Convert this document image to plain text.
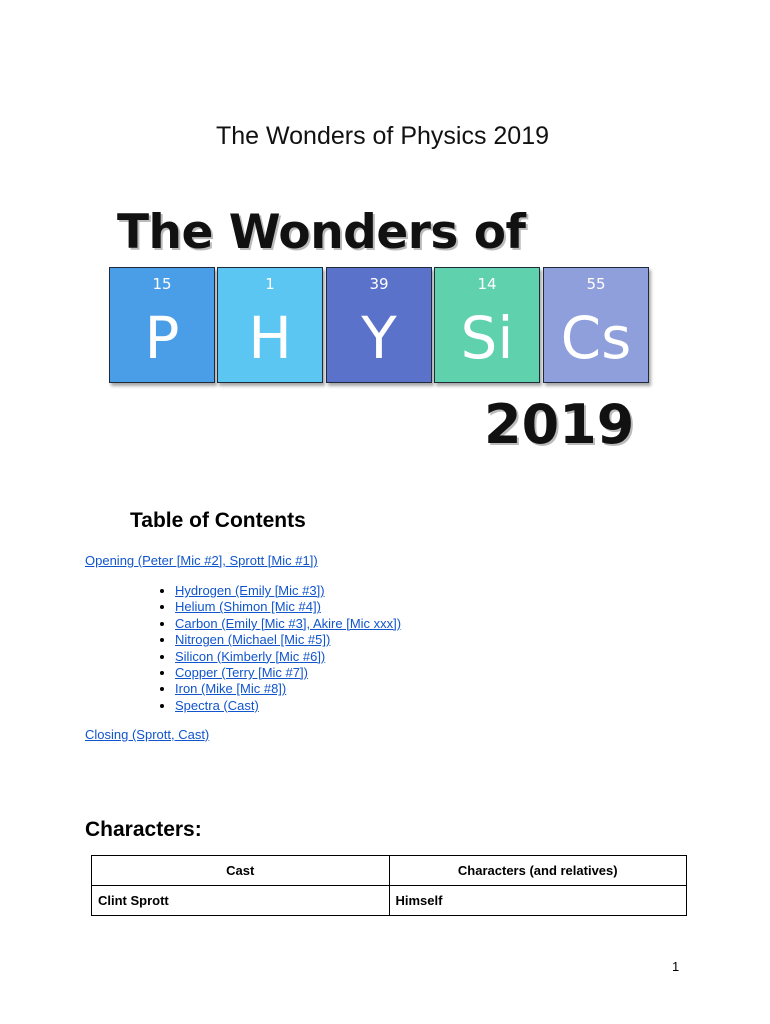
The Wonders of Physics 2019
The Wonders of
15
P
1
H
39
Y
14
Si
55
Cs
2019
Table of Contents
Opening (Peter [Mic #2], Sprott [Mic #1])
• Hydrogen (Emily [Mic #3])
• Helium (Shimon [Mic #4])
• Carbon (Emily [Mic #3], Akire [Mic xxx])
• Nitrogen (Michael [Mic #5])
• Silicon (Kimberly [Mic #6])
• Copper (Terry [Mic #7])
• Iron (Mike [Mic #8])
• Spectra (Cast)
Closing (Sprott, Cast)
Characters:
Cast	Characters (and relatives)
Clint Sprott	Himself
1
